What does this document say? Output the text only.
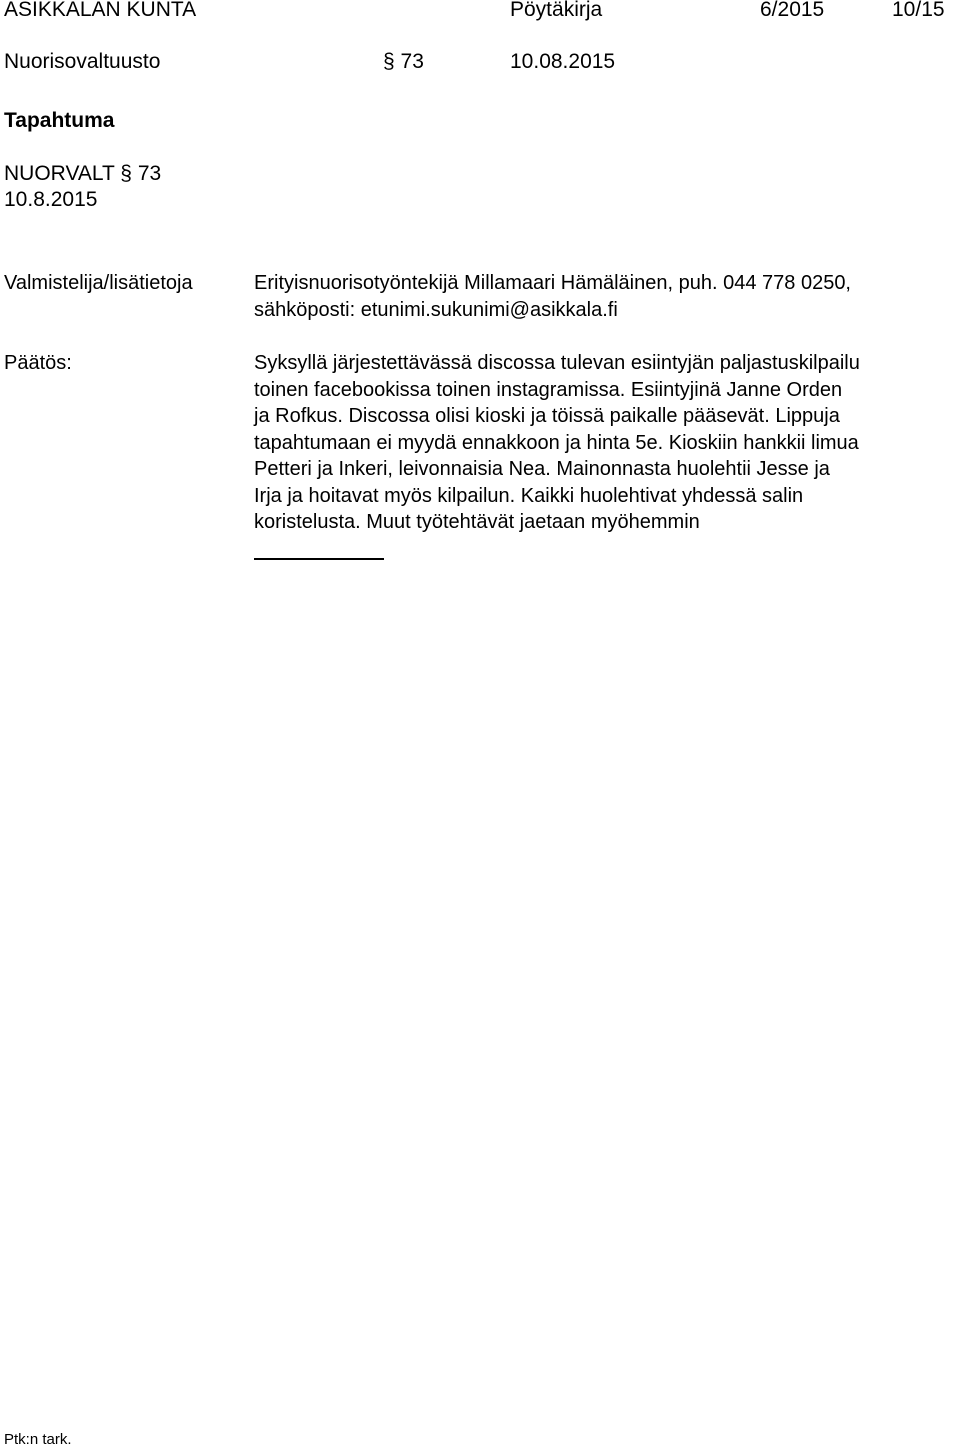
ASIKKALAN KUNTA	Pöytäkirja	6/2015	10/15
Nuorisovaltuusto	§ 73	10.08.2015
Tapahtuma
NUORVALT § 73
10.8.2015
Valmistelija/lisätietoja	Erityisnuorisotyöntekijä Millamaari Hämäläinen, puh. 044 778 0250,
sähköposti: etunimi.sukunimi@asikkala.fi
Päätös:	Syksyllä järjestettävässä discossa tulevan esiintyjän paljastuskilpailu
toinen facebookissa toinen instagramissa. Esiintyjinä Janne Orden
ja Rofkus. Discossa olisi kioski ja töissä paikalle pääsevät. Lippuja
tapahtumaan ei myydä ennakkoon ja hinta 5e. Kioskiin hankkii limua
Petteri ja Inkeri, leivonnaisia Nea. Mainonnasta huolehtii Jesse ja
Irja ja hoitavat myös kilpailun. Kaikki huolehtivat yhdessä salin
koristelusta. Muut työtehtävät jaetaan myöhemmin
Ptk:n tark.
